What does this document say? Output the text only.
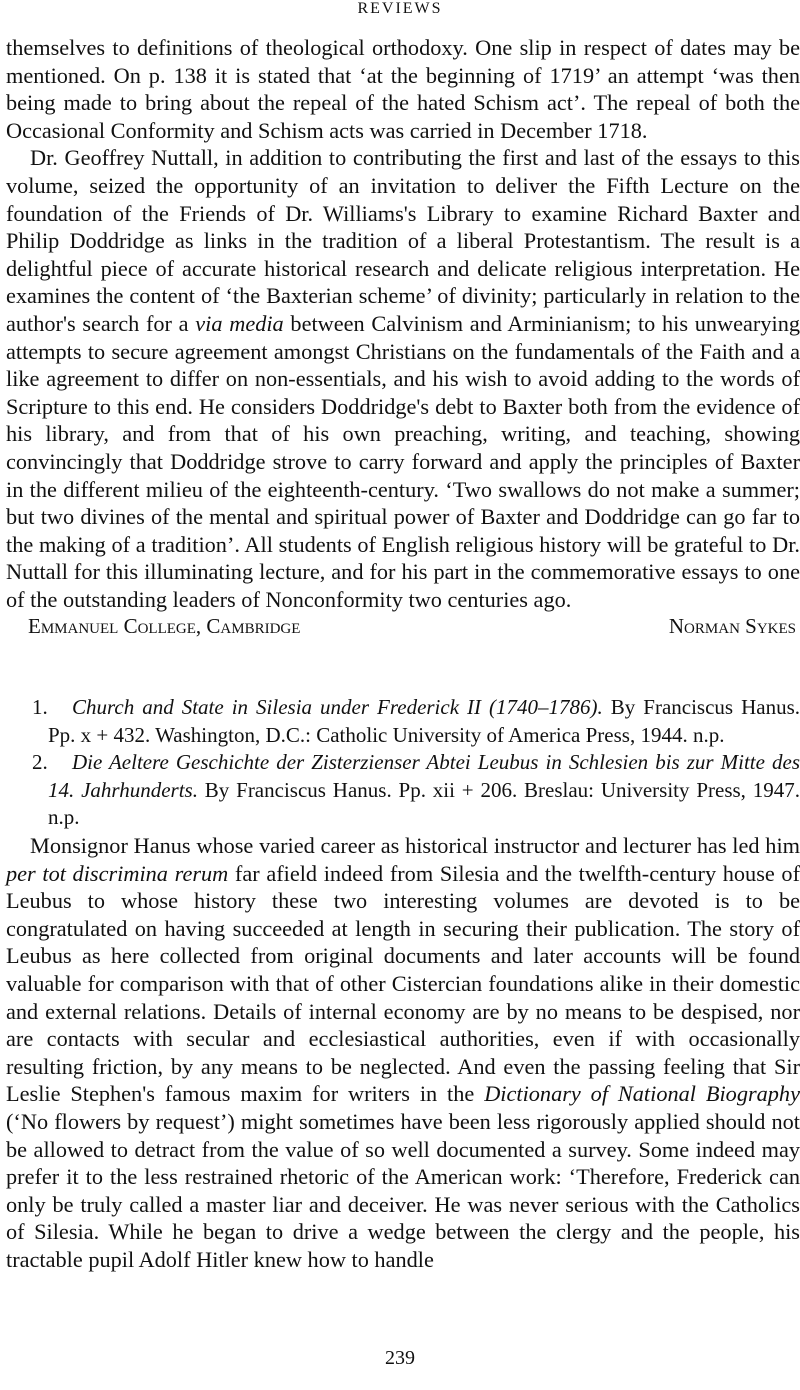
REVIEWS

themselves to definitions of theological orthodoxy. One slip in respect of dates may be mentioned. On p. 138 it is stated that ‘at the beginning of 1719’ an attempt ‘was then being made to bring about the repeal of the hated Schism act’. The repeal of both the Occasional Conformity and Schism acts was carried in December 1718.

Dr. Geoffrey Nuttall, in addition to contributing the first and last of the essays to this volume, seized the opportunity of an invitation to deliver the Fifth Lecture on the foundation of the Friends of Dr. Williams's Library to examine Richard Baxter and Philip Doddridge as links in the tradition of a liberal Protestantism. The result is a delightful piece of accurate historical research and delicate religious interpretation. He examines the content of ‘the Baxterian scheme’ of divinity; particularly in relation to the author's search for a via media between Calvinism and Arminianism; to his unwearying attempts to secure agreement amongst Christians on the fundamentals of the Faith and a like agreement to differ on non-essentials, and his wish to avoid adding to the words of Scripture to this end. He considers Doddridge's debt to Baxter both from the evidence of his library, and from that of his own preaching, writing, and teaching, showing convincingly that Doddridge strove to carry forward and apply the principles of Baxter in the different milieu of the eighteenth-century. ‘Two swallows do not make a summer; but two divines of the mental and spiritual power of Baxter and Doddridge can go far to the making of a tradition’. All students of English religious history will be grateful to Dr. Nuttall for this illuminating lecture, and for his part in the commemorative essays to one of the outstanding leaders of Nonconformity two centuries ago.

Emmanuel College, Cambridge	Norman Sykes

1. Church and State in Silesia under Frederick II (1740–1786). By Franciscus Hanus. Pp. x + 432. Washington, D.C.: Catholic University of America Press, 1944. n.p.

2. Die Aeltere Geschichte der Zisterzienser Abtei Leubus in Schlesien bis zur Mitte des 14. Jahrhunderts. By Franciscus Hanus. Pp. xii + 206. Breslau: University Press, 1947. n.p.

Monsignor Hanus whose varied career as historical instructor and lecturer has led him per tot discrimina rerum far afield indeed from Silesia and the twelfth-century house of Leubus to whose history these two interesting volumes are devoted is to be congratulated on having succeeded at length in securing their publication. The story of Leubus as here collected from original documents and later accounts will be found valuable for comparison with that of other Cistercian foundations alike in their domestic and external relations. Details of internal economy are by no means to be despised, nor are contacts with secular and ecclesiastical authorities, even if with occasionally resulting friction, by any means to be neglected. And even the passing feeling that Sir Leslie Stephen's famous maxim for writers in the Dictionary of National Biography (‘No flowers by request’) might sometimes have been less rigorously applied should not be allowed to detract from the value of so well documented a survey. Some indeed may prefer it to the less restrained rhetoric of the American work: ‘Therefore, Frederick can only be truly called a master liar and deceiver. He was never serious with the Catholics of Silesia. While he began to drive a wedge between the clergy and the people, his tractable pupil Adolf Hitler knew how to handle

239
